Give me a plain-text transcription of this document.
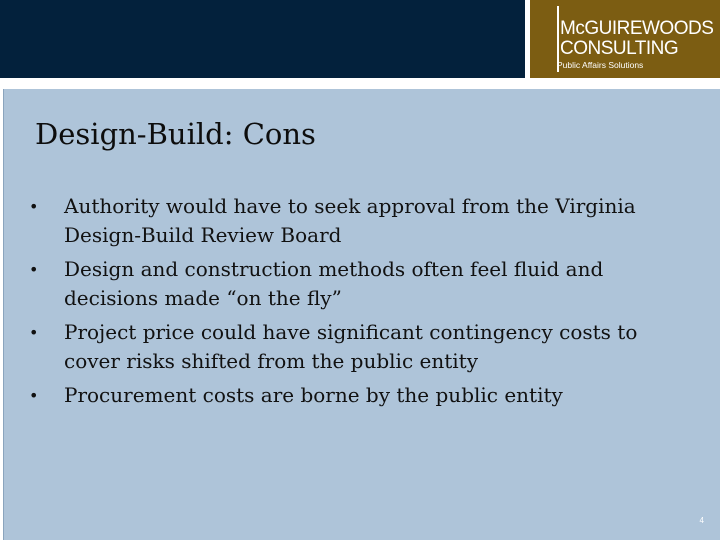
McGUIREWOODS
CONSULTING
Public Affairs Solutions
Design-Build: Cons
• Authority would have to seek approval from the Virginia Design-Build Review Board
• Design and construction methods often feel fluid and decisions made “on the fly”
• Project price could have significant contingency costs to cover risks shifted from the public entity
• Procurement costs are borne by the public entity
4
